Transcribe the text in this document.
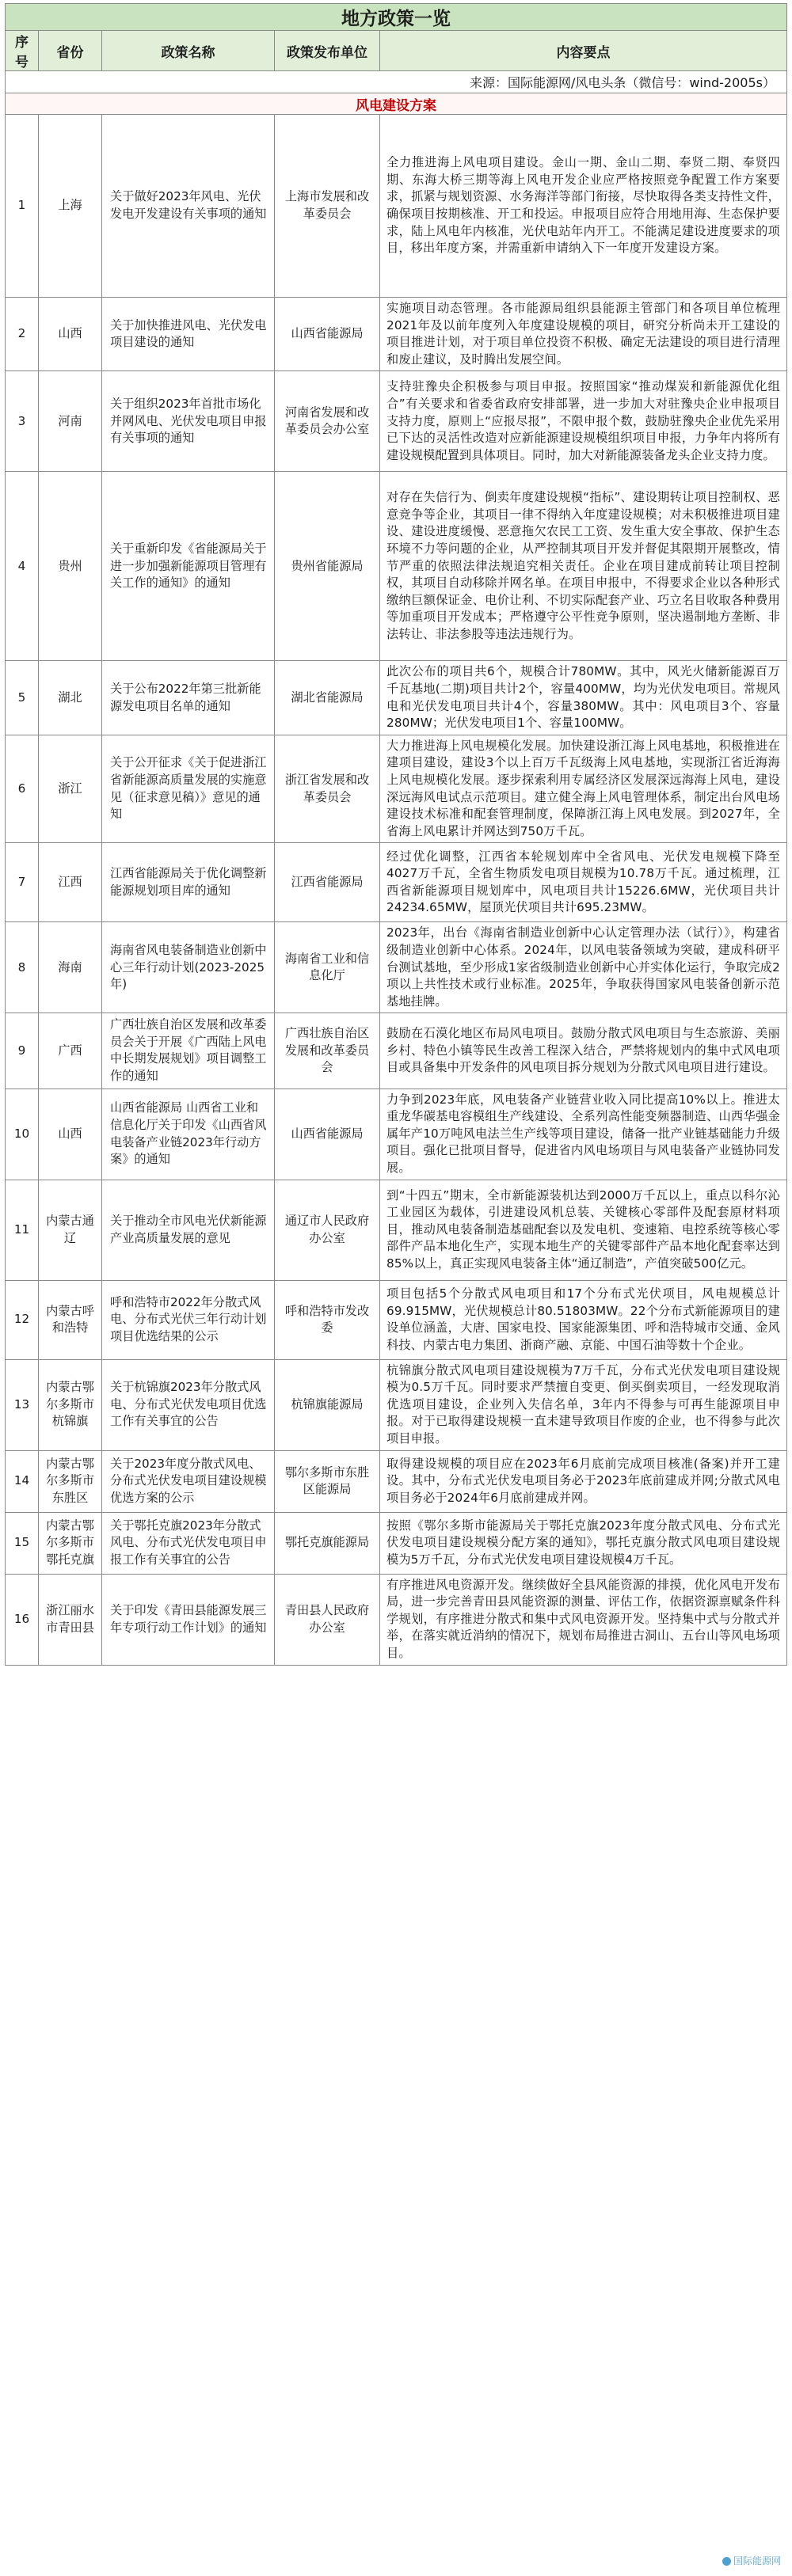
地方政策一览				
序号	省份	政策名称	政策发布单位	内容要点
来源：国际能源网/风电头条（微信号：wind-2005s）				
风电建设方案				
1	上海	关于做好2023年风电、光伏发电开发建设有关事项的通知	上海市发展和改革委员会	全力推进海上风电项目建设。金山一期、金山二期、奉贤二期、奉贤四期、东海大桥三期等海上风电开发企业应严格按照竞争配置工作方案要求，抓紧与规划资源、水务海洋等部门衔接，尽快取得各类支持性文件，确保项目按期核准、开工和投运。申报项目应符合用地用海、生态保护要求，陆上风电年内核准，光伏电站年内开工。不能满足建设进度要求的项目，移出年度方案，并需重新申请纳入下一年度开发建设方案。
2	山西	关于加快推进风电、光伏发电项目建设的通知	山西省能源局	实施项目动态管理。各市能源局组织县能源主管部门和各项目单位梳理2021年及以前年度列入年度建设规模的项目，研究分析尚未开工建设的项目推进计划，对于项目单位投资不积极、确定无法建设的项目进行清理和废止建议，及时腾出发展空间。
3	河南	关于组织2023年首批市场化并网风电、光伏发电项目申报有关事项的通知	河南省发展和改革委员会办公室	支持驻豫央企积极参与项目申报。按照国家“推动煤炭和新能源优化组合”有关要求和省委省政府安排部署，进一步加大对驻豫央企业申报项目支持力度，原则上“应报尽报”，不限申报个数，鼓励驻豫央企业优先采用已下达的灵活性改造对应新能源建设规模组织项目申报，力争年内将所有建设规模配置到具体项目。同时，加大对新能源装备龙头企业支持力度。
4	贵州	关于重新印发《省能源局关于进一步加强新能源项目管理有关工作的通知》的通知	贵州省能源局	对存在失信行为、倒卖年度建设规模“指标”、建设期转让项目控制权、恶意竞争等企业，其项目一律不得纳入年度建设规模；对未积极推进项目建设、建设进度缓慢、恶意拖欠农民工工资、发生重大安全事故、保护生态环境不力等问题的企业，从严控制其项目开发并督促其限期开展整改，情节严重的依照法律法规追究相关责任。企业在项目建成前转让项目控制权，其项目自动移除并网名单。在项目申报中，不得要求企业以各种形式缴纳巨额保证金、电价让利、不切实际配套产业、巧立名目收取各种费用等加重项目开发成本；严格遵守公平性竞争原则，坚决遏制地方垄断、非法转让、非法参股等违法违规行为。
5	湖北	关于公布2022年第三批新能源发电项目名单的通知	湖北省能源局	此次公布的项目共6个，规模合计780MW。其中，风光火储新能源百万千瓦基地(二期)项目共计2个，容量400MW，均为光伏发电项目。常规风电和光伏发电项目共计4个，容量380MW。其中：风电项目3个、容量280MW；光伏发电项目1个、容量100MW。
6	浙江	关于公开征求《关于促进浙江省新能源高质量发展的实施意见（征求意见稿）》意见的通知	浙江省发展和改革委员会	大力推进海上风电规模化发展。加快建设浙江海上风电基地，积极推进在建项目建设，建设3个以上百万千瓦级海上风电基地，实现浙江省近海海上风电规模化发展。逐步探索利用专属经济区发展深远海海上风电，建设深远海风电试点示范项目。建立健全海上风电管理体系，制定出台风电场建设技术标准和配套管理制度，保障浙江海上风电发展。到2027年，全省海上风电累计并网达到750万千瓦。
7	江西	江西省能源局关于优化调整新能源规划项目库的通知	江西省能源局	经过优化调整，江西省本轮规划库中全省风电、光伏发电规模下降至4027万千瓦，全省生物质发电项目规模为10.78万千瓦。通过梳理，江西省新能源项目规划库中，风电项目共计15226.6MW，光伏项目共计24234.65MW，屋顶光伏项目共计695.23MW。
8	海南	海南省风电装备制造业创新中心三年行动计划(2023-2025年)	海南省工业和信息化厅	2023年，出台《海南省制造业创新中心认定管理办法（试行）》，构建省级制造业创新中心体系。2024年，以风电装备领域为突破，建成科研平台测试基地，至少形成1家省级制造业创新中心并实体化运行，争取完成2项以上共性技术或行业标准。2025年，争取获得国家风电装备创新示范基地挂牌。
9	广西	广西壮族自治区发展和改革委员会关于开展《广西陆上风电中长期发展规划》项目调整工作的通知	广西壮族自治区发展和改革委员会	鼓励在石漠化地区布局风电项目。鼓励分散式风电项目与生态旅游、美丽乡村、特色小镇等民生改善工程深入结合，严禁将规划内的集中式风电项目或具备集中开发条件的风电项目拆分规划为分散式风电项目进行建设。
10	山西	山西省能源局 山西省工业和信息化厅关于印发《山西省风电装备产业链2023年行动方案》的通知	山西省能源局	力争到2023年底，风电装备产业链营业收入同比提高10%以上。推进太重龙华碳基电容模组生产线建设、全系列高性能变频器制造、山西华强金属年产10万吨风电法兰生产线等项目建设，储备一批产业链基础能力升级项目。强化已批项目督导，促进省内风电场项目与风电装备产业链协同发展。
11	内蒙古通辽	关于推动全市风电光伏新能源产业高质量发展的意见	通辽市人民政府办公室	到“十四五”期末，全市新能源装机达到2000万千瓦以上，重点以科尔沁工业园区为载体，引进建设风机总装、关键核心零部件及配套原材料项目，推动风电装备制造基础配套以及发电机、变速箱、电控系统等核心零部件产品本地化生产，实现本地生产的关键零部件产品本地化配套率达到85%以上，真正实现风电装备主体“通辽制造”，产值突破500亿元。
12	内蒙古呼和浩特	呼和浩特市2022年分散式风电、分布式光伏三年行动计划项目优选结果的公示	呼和浩特市发改委	项目包括5个分散式风电项目和17个分布式光伏项目，风电规模总计69.915MW，光伏规模总计80.51803MW。22个分布式新能源项目的建设单位涵盖，大唐、国家电投、国家能源集团、呼和浩特城市交通、金风科技、内蒙古电力集团、浙商产融、京能、中国石油等数十个企业。
13	内蒙古鄂尔多斯市杭锦旗	关于杭锦旗2023年分散式风电、分布式光伏发电项目优选工作有关事宜的公告	杭锦旗能源局	杭锦旗分散式风电项目建设规模为7万千瓦，分布式光伏发电项目建设规模为0.5万千瓦。同时要求严禁擅自变更、倒买倒卖项目，一经发现取消优选项目建设，企业列入失信名单，3年内不得参与可再生能源项目申报。对于已取得建设规模一直未建导致项目作废的企业，也不得参与此次项目申报。
14	内蒙古鄂尔多斯市东胜区	关于2023年度分散式风电、分布式光伏发电项目建设规模优选方案的公示	鄂尔多斯市东胜区能源局	取得建设规模的项目应在2023年6月底前完成项目核准(备案)并开工建设。其中，分布式光伏发电项目务必于2023年底前建成并网;分散式风电项目务必于2024年6月底前建成并网。
15	内蒙古鄂尔多斯市鄂托克旗	关于鄂托克旗2023年分散式风电、分布式光伏发电项目申报工作有关事宜的公告	鄂托克旗能源局	按照《鄂尔多斯市能源局关于鄂托克旗2023年度分散式风电、分布式光伏发电项目建设规模分配方案的通知》，鄂托克旗分散式风电项目建设规模为5万千瓦，分布式光伏发电项目建设规模4万千瓦。
16	浙江丽水市青田县	关于印发《青田县能源发展三年专项行动工作计划》的通知	青田县人民政府办公室	有序推进风电资源开发。继续做好全县风能资源的排摸，优化风电开发布局，进一步完善青田县风能资源的测量、评估工作，依据资源禀赋条件科学规划，有序推进分散式和集中式风电资源开发。坚持集中式与分散式并举，在落实就近消纳的情况下，规划布局推进古洞山、五台山等风电场项目。
国际能源网
